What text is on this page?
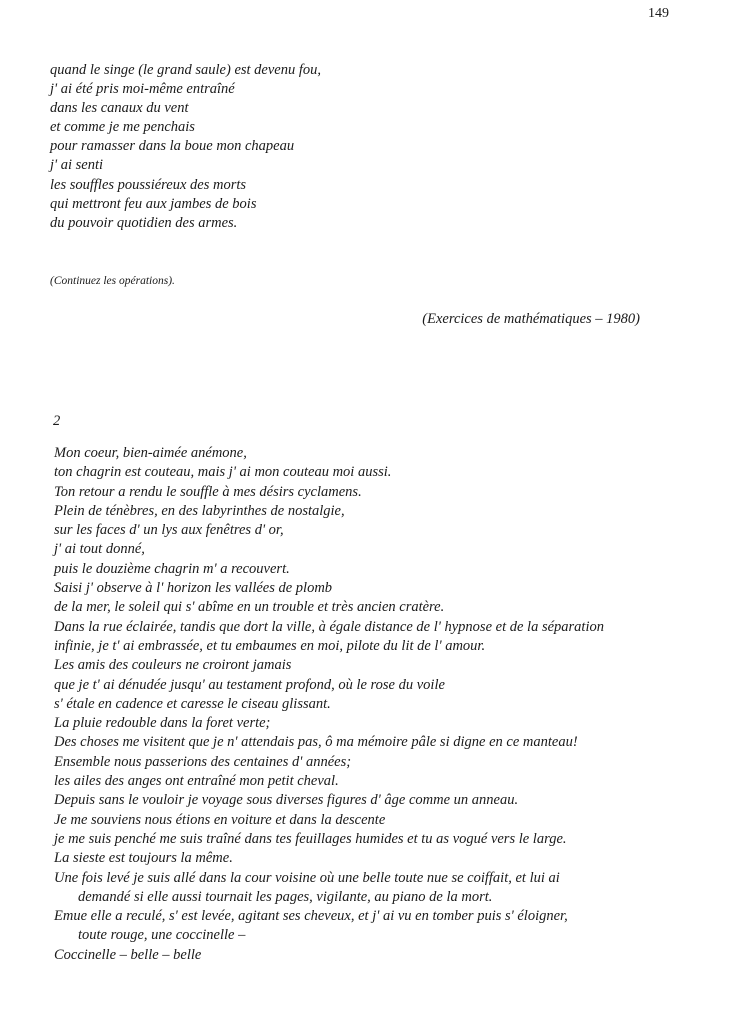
149
quand le singe (le grand saule) est devenu fou,
j' ai été pris moi-même entraîné
dans les canaux du vent
et comme je me penchais
pour ramasser dans la boue mon chapeau
j' ai senti
les souffles poussiéreux des morts
qui mettront feu aux jambes de bois
du pouvoir quotidien des armes.
(Continuez les opérations).
(Exercices de mathématiques – 1980)
2
Mon coeur, bien-aimée anémone,
ton chagrin est couteau, mais j' ai mon couteau moi aussi.
Ton retour a rendu le souffle à mes désirs cyclamens.
Plein de ténèbres, en des labyrinthes de nostalgie,
sur les faces d' un lys aux fenêtres d' or,
j' ai tout donné,
puis le douzième chagrin m' a recouvert.
Saisi j' observe à l' horizon les vallées de plomb
de la mer, le soleil qui s' abîme en un trouble et très ancien cratère.
Dans la rue éclairée, tandis que dort la ville, à égale distance de l' hypnose et de la séparation
infinie, je t' ai embrassée, et tu embaumes en moi, pilote du lit de l' amour.
Les amis des couleurs ne croiront jamais
que je t' ai dénudée jusqu' au testament profond, où le rose du voile
s' étale en cadence et caresse le ciseau glissant.
La pluie redouble dans la foret verte;
Des choses me visitent que je n' attendais pas, ô ma mémoire pâle si digne en ce manteau!
Ensemble nous passerions des centaines d' années;
les ailes des anges ont entraîné mon petit cheval.
Depuis sans le vouloir je voyage sous diverses figures d' âge comme un anneau.
Je me souviens nous étions en voiture et dans la descente
je me suis penché me suis traîné dans tes feuillages humides et tu as vogué vers le large.
La sieste est toujours la même.
Une fois levé je suis allé dans la cour voisine où une belle toute nue se coiffait, et lui ai
demandé si elle aussi tournait les pages, vigilante, au piano de la mort.
Emue elle a reculé, s' est levée, agitant ses cheveux, et j' ai vu en tomber puis s' éloigner,
toute rouge, une coccinelle –
Coccinelle – belle – belle
